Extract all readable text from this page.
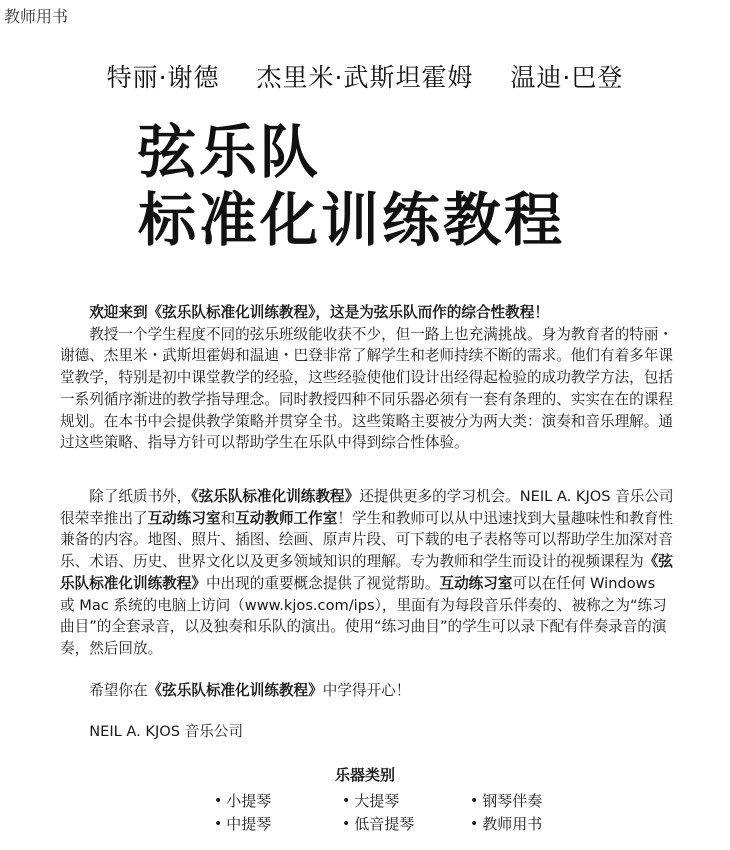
教师用书
特丽·谢德 杰里米·武斯坦霍姆 温迪·巴登
弦乐队
标准化训练教程

欢迎来到《弦乐队标准化训练教程》，这是为弦乐队而作的综合性教程！

教授一个学生程度不同的弦乐班级能收获不少，但一路上也充满挑战。身为教育者的特丽・谢德、杰里米・武斯坦霍姆和温迪・巴登非常了解学生和老师持续不断的需求。他们有着多年课堂教学，特别是初中课堂教学的经验，这些经验使他们设计出经得起检验的成功教学方法，包括一系列循序渐进的教学指导理念。同时教授四种不同乐器必须有一套有条理的、实实在在的课程规划。在本书中会提供教学策略并贯穿全书。这些策略主要被分为两大类：演奏和音乐理解。通过这些策略、指导方针可以帮助学生在乐队中得到综合性体验。

除了纸质书外，《弦乐队标准化训练教程》还提供更多的学习机会。NEIL A. KJOS 音乐公司很荣幸推出了互动练习室和互动教师工作室！学生和教师可以从中迅速找到大量趣味性和教育性兼备的内容。地图、照片、插图、绘画、原声片段、可下载的电子表格等可以帮助学生加深对音乐、术语、历史、世界文化以及更多领域知识的理解。专为教师和学生而设计的视频课程为《弦乐队标准化训练教程》中出现的重要概念提供了视觉帮助。互动练习室可以在任何 Windows 或 Mac 系统的电脑上访问（www.kjos.com/ips），里面有为每段音乐伴奏的、被称之为“练习曲目”的全套录音，以及独奏和乐队的演出。使用“练习曲目”的学生可以录下配有伴奏录音的演奏，然后回放。

希望你在《弦乐队标准化训练教程》中学得开心！

NEIL A. KJOS 音乐公司

乐器类别
• 小提琴	• 大提琴	• 钢琴伴奏
• 中提琴	• 低音提琴	• 教师用书
